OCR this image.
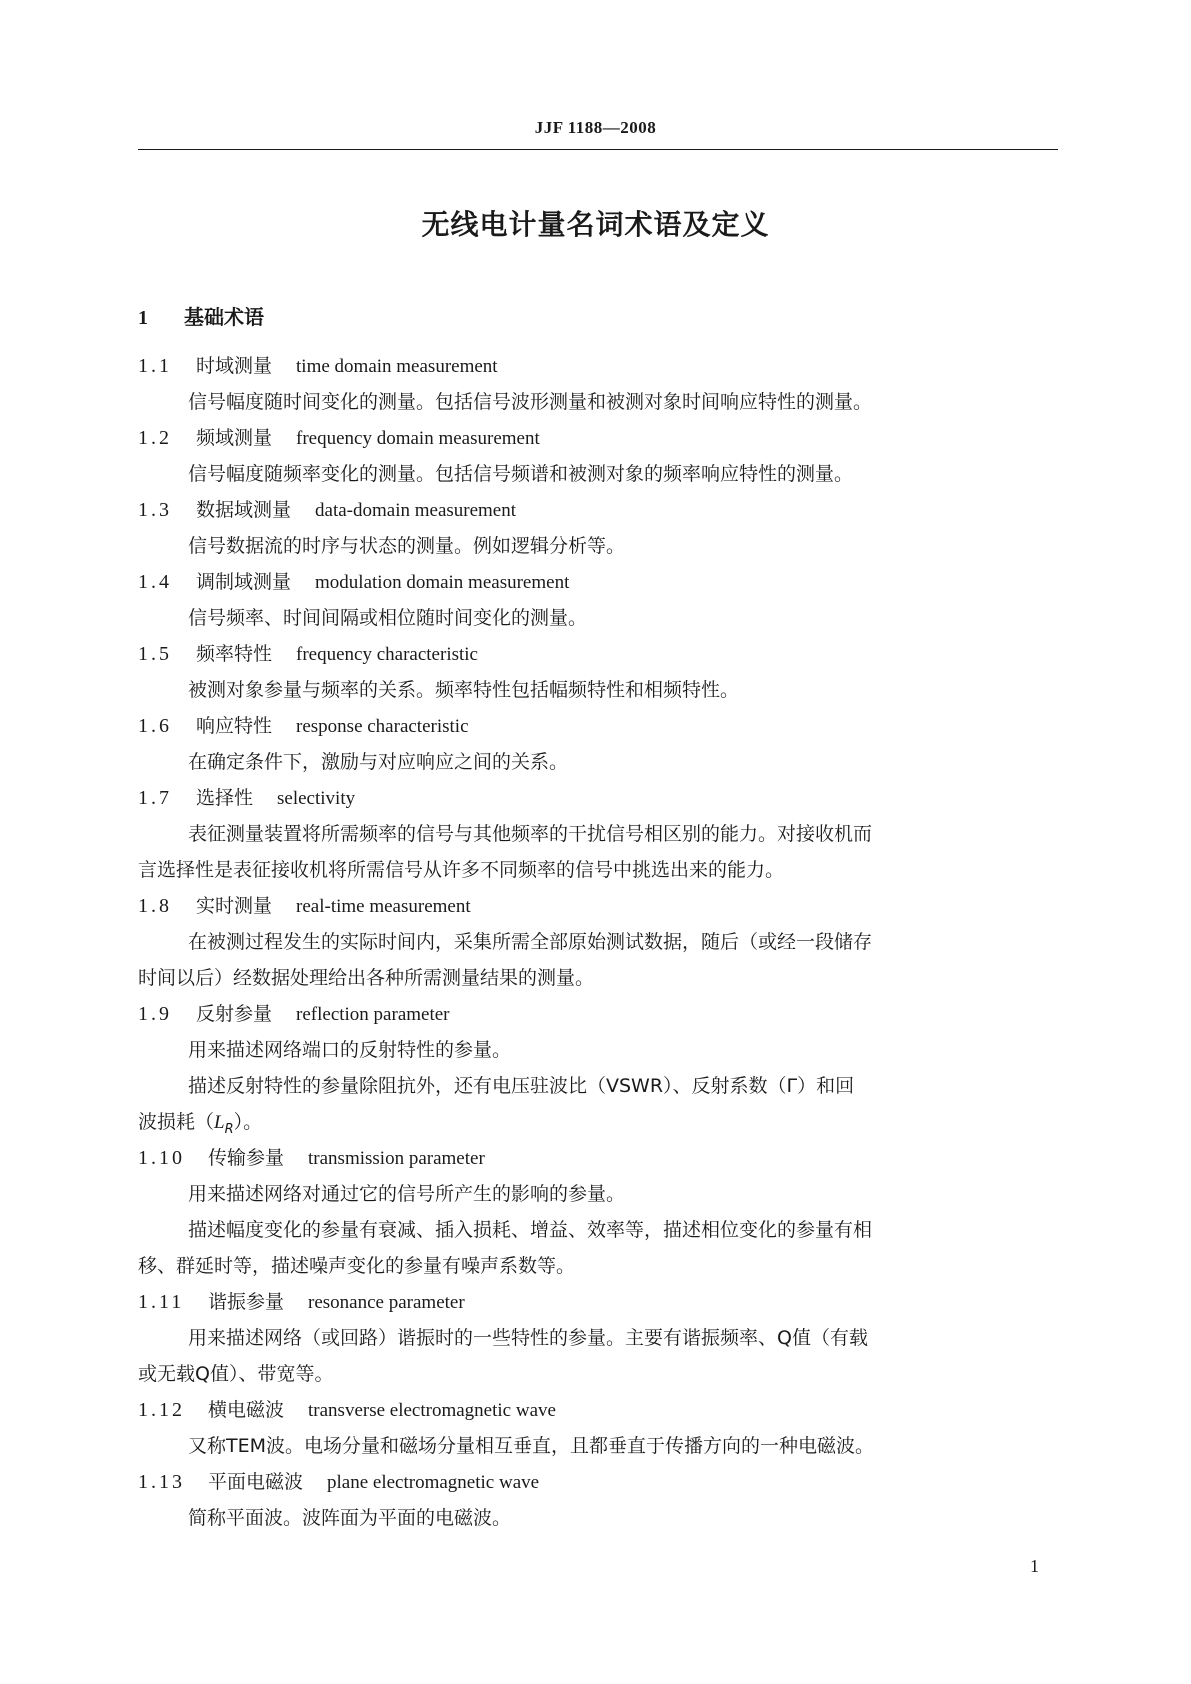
JJF 1188—2008
无线电计量名词术语及定义
1 基础术语
1.1 时域测量 time domain measurement
信号幅度随时间变化的测量。包括信号波形测量和被测对象时间响应特性的测量。
1.2 频域测量 frequency domain measurement
信号幅度随频率变化的测量。包括信号频谱和被测对象的频率响应特性的测量。
1.3 数据域测量 data-domain measurement
信号数据流的时序与状态的测量。例如逻辑分析等。
1.4 调制域测量 modulation domain measurement
信号频率、时间间隔或相位随时间变化的测量。
1.5 频率特性 frequency characteristic
被测对象参量与频率的关系。频率特性包括幅频特性和相频特性。
1.6 响应特性 response characteristic
在确定条件下，激励与对应响应之间的关系。
1.7 选择性 selectivity
表征测量装置将所需频率的信号与其他频率的干扰信号相区别的能力。对接收机而
言选择性是表征接收机将所需信号从许多不同频率的信号中挑选出来的能力。
1.8 实时测量 real-time measurement
在被测过程发生的实际时间内，采集所需全部原始测试数据，随后（或经一段储存
时间以后）经数据处理给出各种所需测量结果的测量。
1.9 反射参量 reflection parameter
用来描述网络端口的反射特性的参量。
描述反射特性的参量除阻抗外，还有电压驻波比（VSWR）、反射系数（Γ）和回
波损耗$(L_R)$。
1.10 传输参量 transmission parameter
用来描述网络对通过它的信号所产生的影响的参量。
描述幅度变化的参量有衰减、插入损耗、增益、效率等，描述相位变化的参量有相
移、群延时等，描述噪声变化的参量有噪声系数等。
1.11 谐振参量 resonance parameter
用来描述网络（或回路）谐振时的一些特性的参量。主要有谐振频率、Q值（有载
或无载Q值）、带宽等。
1.12 横电磁波 transverse electromagnetic wave
又称TEM波。电场分量和磁场分量相互垂直，且都垂直于传播方向的一种电磁波。
1.13 平面电磁波 plane electromagnetic wave
简称平面波。波阵面为平面的电磁波。
1
